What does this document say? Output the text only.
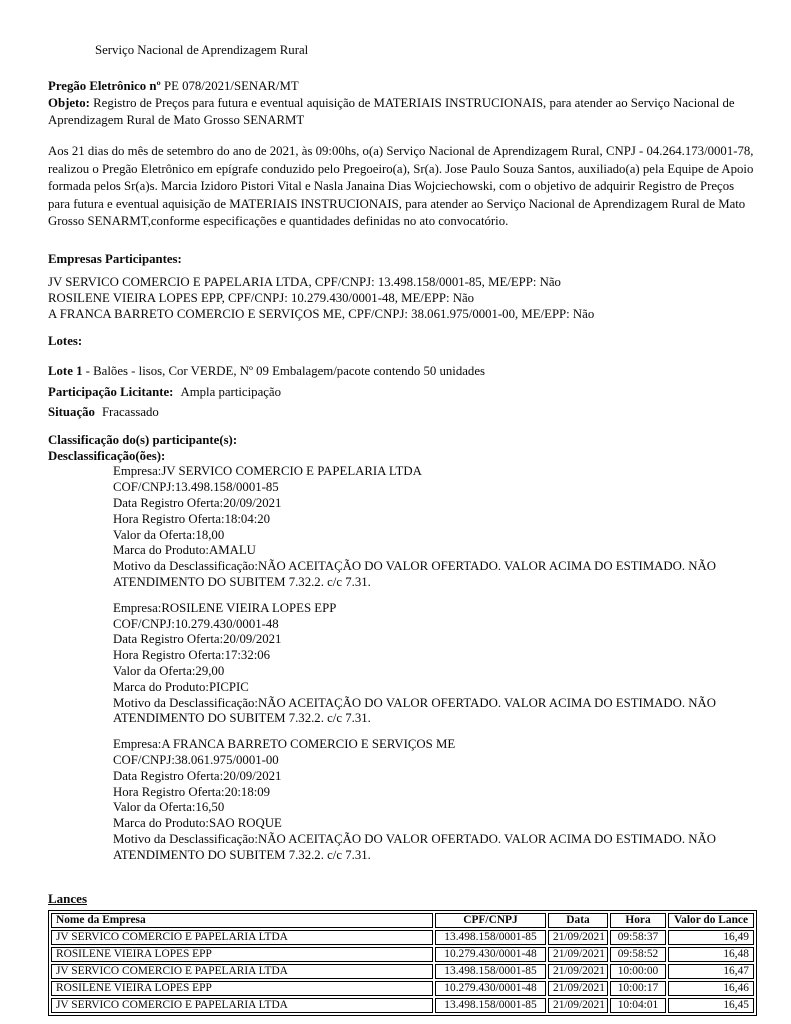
Serviço Nacional de Aprendizagem Rural
Pregão Eletrônico nº PE 078/2021/SENAR/MT
Objeto: Registro de Preços para futura e eventual aquisição de MATERIAIS INSTRUCIONAIS, para atender ao Serviço Nacional de Aprendizagem Rural de Mato Grosso SENARMT

Aos 21 dias do mês de setembro do ano de 2021, às 09:00hs, o(a) Serviço Nacional de Aprendizagem Rural, CNPJ - 04.264.173/0001-78, realizou o Pregão Eletrônico em epígrafe conduzido pelo Pregoeiro(a), Sr(a). Jose Paulo Souza Santos, auxiliado(a) pela Equipe de Apoio formada pelos Sr(a)s. Marcia Izidoro Pistori Vital e Nasla Janaina Dias Wojciechowski, com o objetivo de adquirir Registro de Preços para futura e eventual aquisição de MATERIAIS INSTRUCIONAIS, para atender ao Serviço Nacional de Aprendizagem Rural de Mato Grosso SENARMT,conforme especificações e quantidades definidas no ato convocatório.

Empresas Participantes:
JV SERVICO COMERCIO E PAPELARIA LTDA, CPF/CNPJ: 13.498.158/0001-85, ME/EPP: Não
ROSILENE VIEIRA LOPES EPP, CPF/CNPJ: 10.279.430/0001-48, ME/EPP: Não
A FRANCA BARRETO COMERCIO E SERVIÇOS ME, CPF/CNPJ: 38.061.975/0001-00, ME/EPP: Não
Lotes:
Lote 1 - Balões - lisos, Cor VERDE, Nº 09 Embalagem/pacote contendo 50 unidades
Participação Licitante: Ampla participação
Situação Fracassado
Classificação do(s) participante(s):
Desclassificação(ões):
Empresa:JV SERVICO COMERCIO E PAPELARIA LTDA
COF/CNPJ:13.498.158/0001-85
Data Registro Oferta:20/09/2021
Hora Registro Oferta:18:04:20
Valor da Oferta:18,00
Marca do Produto:AMALU
Motivo da Desclassificação:NÃO ACEITAÇÃO DO VALOR OFERTADO. VALOR ACIMA DO ESTIMADO. NÃO ATENDIMENTO DO SUBITEM 7.32.2. c/c 7.31.
Empresa:ROSILENE VIEIRA LOPES EPP
COF/CNPJ:10.279.430/0001-48
Data Registro Oferta:20/09/2021
Hora Registro Oferta:17:32:06
Valor da Oferta:29,00
Marca do Produto:PICPIC
Motivo da Desclassificação:NÃO ACEITAÇÃO DO VALOR OFERTADO. VALOR ACIMA DO ESTIMADO. NÃO ATENDIMENTO DO SUBITEM 7.32.2. c/c 7.31.
Empresa:A FRANCA BARRETO COMERCIO E SERVIÇOS ME
COF/CNPJ:38.061.975/0001-00
Data Registro Oferta:20/09/2021
Hora Registro Oferta:20:18:09
Valor da Oferta:16,50
Marca do Produto:SAO ROQUE
Motivo da Desclassificação:NÃO ACEITAÇÃO DO VALOR OFERTADO. VALOR ACIMA DO ESTIMADO. NÃO ATENDIMENTO DO SUBITEM 7.32.2. c/c 7.31.
Lances
Nome da Empresa	CPF/CNPJ	Data	Hora	Valor do Lance
JV SERVICO COMERCIO E PAPELARIA LTDA	13.498.158/0001-85	21/09/2021	09:58:37	16,49
ROSILENE VIEIRA LOPES EPP	10.279.430/0001-48	21/09/2021	09:58:52	16,48
JV SERVICO COMERCIO E PAPELARIA LTDA	13.498.158/0001-85	21/09/2021	10:00:00	16,47
ROSILENE VIEIRA LOPES EPP	10.279.430/0001-48	21/09/2021	10:00:17	16,46
JV SERVICO COMERCIO E PAPELARIA LTDA	13.498.158/0001-85	21/09/2021	10:04:01	16,45
